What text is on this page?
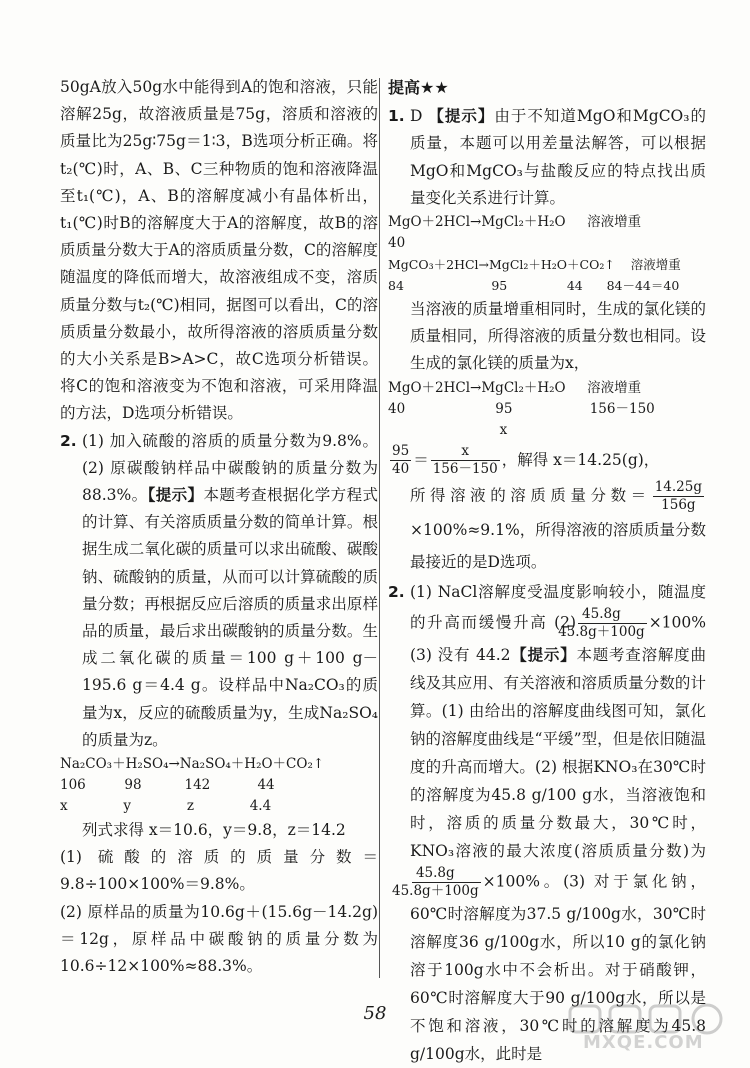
50gA放入50g水中能得到A的饱和溶液，只能溶解25g，故溶液质量是75g，溶质和溶液的质量比为25g∶75g＝1∶3，B选项分析正确。将t₂(℃)时，A、B、C三种物质的饱和溶液降温至t₁(℃)，A、B的溶解度减小有晶体析出，t₁(℃)时B的溶解度大于A的溶解度，故B的溶质质量分数大于A的溶质质量分数，C的溶解度随温度的降低而增大，故溶液组成不变，溶质质量分数与t₂(℃)相同，据图可以看出，C的溶质质量分数最小，故所得溶液的溶质质量分数的大小关系是B>A>C，故C选项分析错误。将C的饱和溶液变为不饱和溶液，可采用降温的方法，D选项分析错误。

2. (1) 加入硫酸的溶质的质量分数为9.8%。 (2) 原碳酸钠样品中碳酸钠的质量分数为88.3%。【提示】本题考查根据化学方程式的计算、有关溶质质量分数的简单计算。根据生成二氧化碳的质量可以求出硫酸、碳酸钠、硫酸钠的质量，从而可以计算硫酸的质量分数；再根据反应后溶质的质量求出原样品的质量，最后求出碳酸钠的质量分数。生成二氧化碳的质量＝100 g＋100 g－195.6 g＝4.4 g。设样品中Na₂CO₃的质量为x，反应的硫酸质量为y，生成Na₂SO₄的质量为z。

Na₂CO₃＋H₂SO₄→Na₂SO₄＋H₂O＋CO₂↑

106         98          142           44

x             y             z             4.4

列式求得 x＝10.6，y＝9.8，z＝14.2

(1) 硫酸的溶质的质量分数＝9.8÷100×100%＝9.8%。

(2) 原样品的质量为10.6g＋(15.6g－14.2g)＝12g，原样品中碳酸钠的质量分数为10.6÷12×100%≈88.3%。

提高★★

1. D 【提示】由于不知道MgO和MgCO₃的质量，本题可以用差量法解答，可以根据MgO和MgCO₃与盐酸反应的特点找出质量变化关系进行计算。

MgO＋2HCl→MgCl₂＋H₂O     溶液增重

40

MgCO₃＋2HCl→MgCl₂＋H₂O＋CO₂↑    溶液增重

84                      95               44      84－44＝40

当溶液的质量增重相同时，生成的氯化镁的质量相同，所得溶液的质量分数也相同。设生成的氯化镁的质量为x，

MgO＋2HCl→MgCl₂＋H₂O     溶液增重

40                     95                  156－150

x

$\frac{95}{40} = \frac{x}{156-150}$ ，解得 x＝14.25(g)，

所得溶液的溶质质量分数＝ $\frac{14.25g}{156g}$
×100%≈9.1%，所得溶液的溶质质量分数最接近的是D选项。

2. (1) NaCl溶解度受温度影响较小，随温度的升高而缓慢升高 $(2) \frac{45.8g}{45.8g+100g} \times 100\%$ (3) 没有 44.2【提示】本题考查溶解度曲线及其应用、有关溶液和溶质质量分数的计算。(1) 由给出的溶解度曲线图可知，氯化钠的溶解度曲线是“平缓”型，但是依旧随温度的升高而增大。(2) 根据KNO₃在30℃时的溶解度为45.8 g/100 g水，当溶液饱和时，溶质的质量分数最大，30℃时，KNO₃溶液的最大浓度(溶质质量分数)为
$\frac{45.8g}{45.8g+100g} \times 100\%$。(3) 对于氯化钠，60℃时溶解度为37.5 g/100g水，30℃时溶解度36 g/100g水，所以10 g的氯化钠溶于100g水中不会析出。对于硝酸钾，60℃时溶解度大于90 g/100g水，所以是不饱和溶液，30℃时的溶解度为45.8 g/100g水，此时是

58
MXQE.COM
